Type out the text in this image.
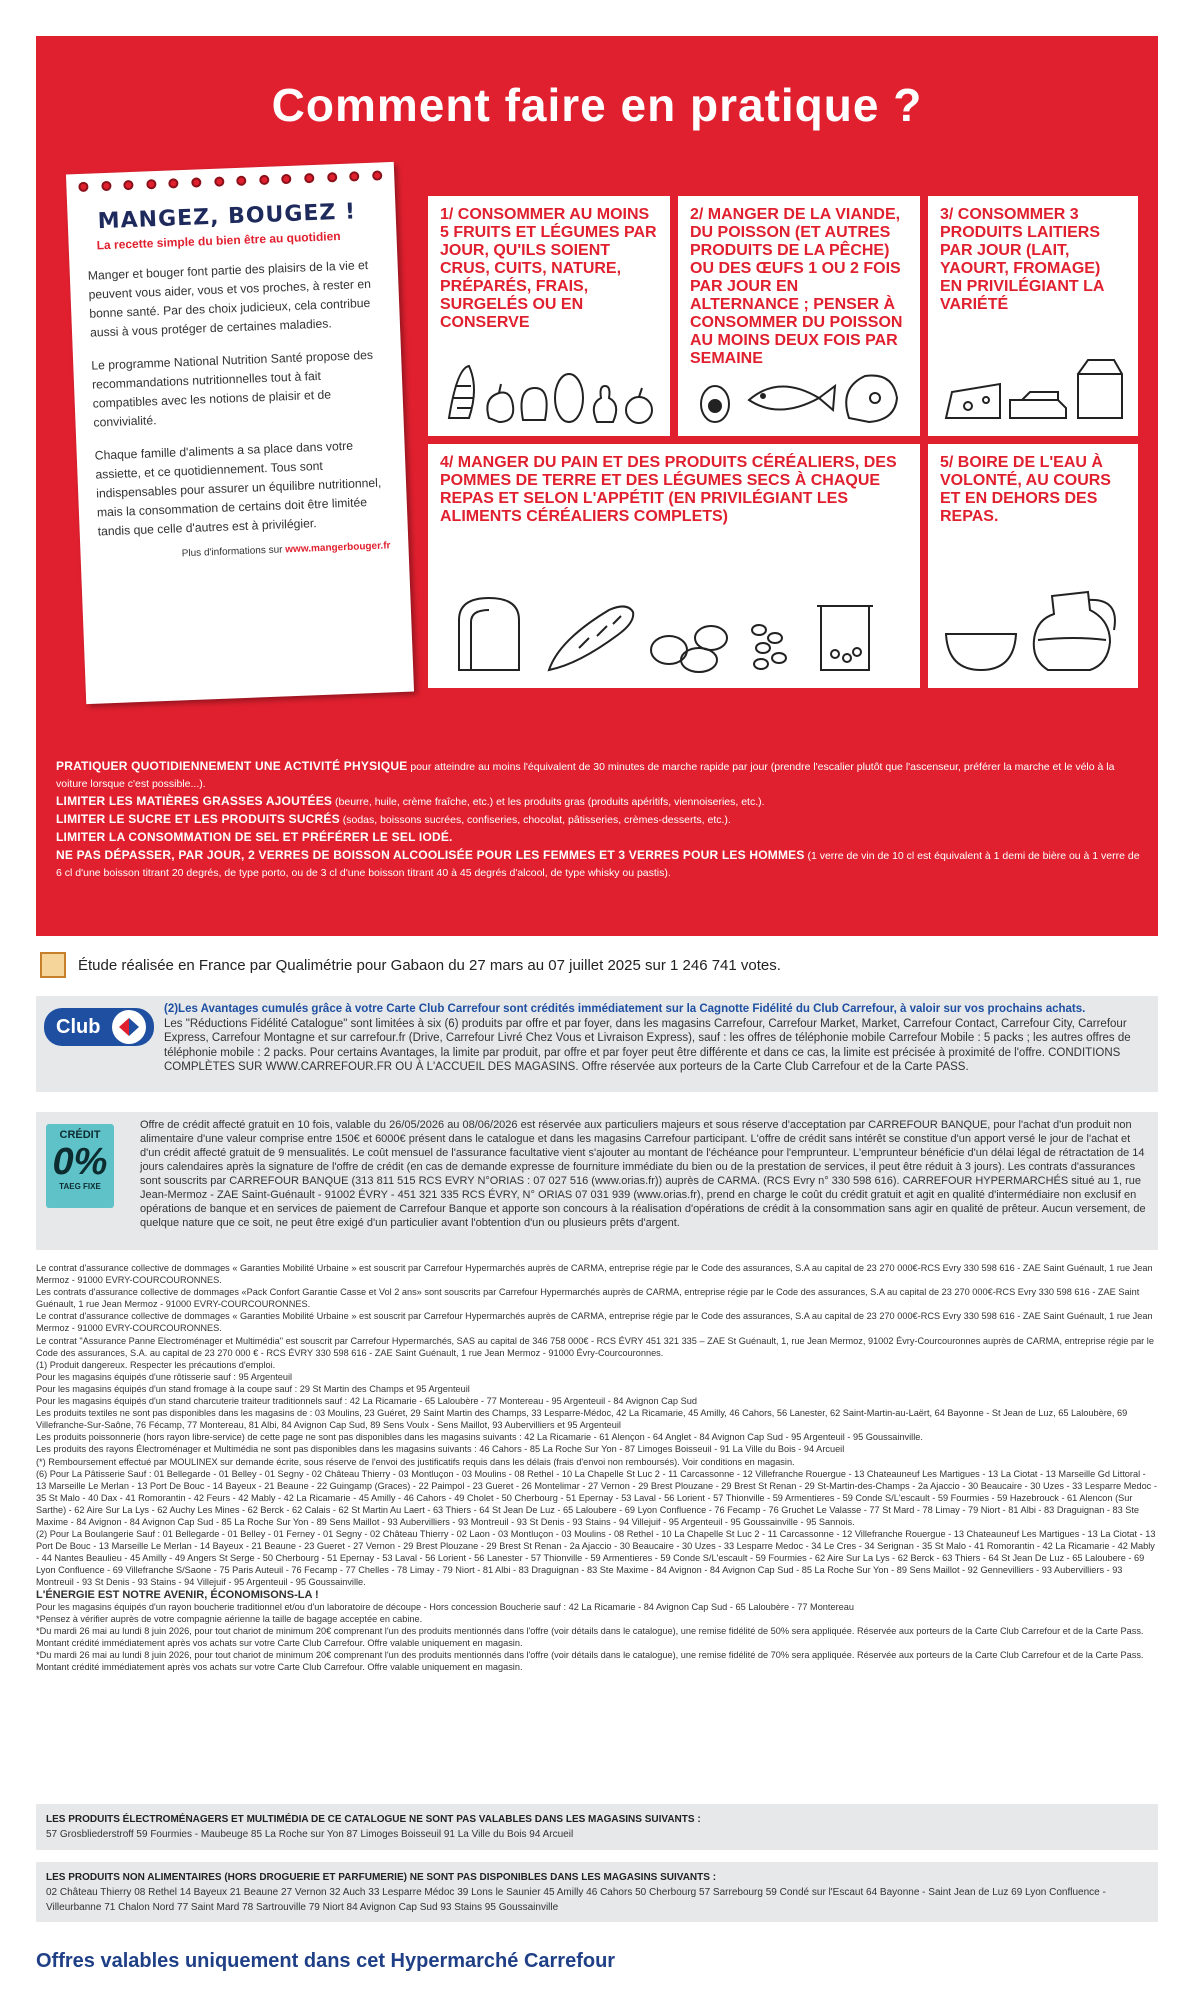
Comment faire en pratique ?
MANGEZ, BOUGEZ !
La recette simple du bien être au quotidien

Manger et bouger font partie des plaisirs de la vie et peuvent vous aider, vous et vos proches, à rester en bonne santé. Par des choix judicieux, cela contribue aussi à vous protéger de certaines maladies.

Le programme National Nutrition Santé propose des recommandations nutritionnelles tout à fait compatibles avec les notions de plaisir et de convivialité.

Chaque famille d'aliments a sa place dans votre assiette, et ce quotidiennement. Tous sont indispensables pour assurer un équilibre nutritionnel, mais la consommation de certains doit être limitée tandis que celle d'autres est à privilégier.

Plus d'informations sur www.mangerbouger.fr

1/ CONSOMMER AU MOINS 5 FRUITS ET LÉGUMES PAR JOUR, QU'ILS SOIENT CRUS, CUITS, NATURE, PRÉPARÉS, FRAIS, SURGELÉS OU EN CONSERVE
2/ MANGER DE LA VIANDE, DU POISSON (ET AUTRES PRODUITS DE LA PÊCHE) OU DES ŒUFS 1 OU 2 FOIS PAR JOUR EN ALTERNANCE ; PENSER À CONSOMMER DU POISSON AU MOINS DEUX FOIS PAR SEMAINE
3/ CONSOMMER 3 PRODUITS LAITIERS PAR JOUR (LAIT, YAOURT, FROMAGE) EN PRIVILÉGIANT LA VARIÉTÉ
4/ MANGER DU PAIN ET DES PRODUITS CÉRÉALIERS, DES POMMES DE TERRE ET DES LÉGUMES SECS À CHAQUE REPAS ET SELON L'APPÉTIT (EN PRIVILÉGIANT LES ALIMENTS CÉRÉALIERS COMPLETS)
5/ BOIRE DE L'EAU À VOLONTÉ, AU COURS ET EN DEHORS DES REPAS.

PRATIQUER QUOTIDIENNEMENT UNE ACTIVITÉ PHYSIQUE pour atteindre au moins l'équivalent de 30 minutes de marche rapide par jour (prendre l'escalier plutôt que l'ascenseur, préférer la marche et le vélo à la voiture lorsque c'est possible...).

LIMITER LES MATIÈRES GRASSES AJOUTÉES (beurre, huile, crème fraîche, etc.) et les produits gras (produits apéritifs, viennoiseries, etc.).

LIMITER LE SUCRE ET LES PRODUITS SUCRÉS (sodas, boissons sucrées, confiseries, chocolat, pâtisseries, crèmes-desserts, etc.).

LIMITER LA CONSOMMATION DE SEL ET PRÉFÉRER LE SEL IODÉ.

NE PAS DÉPASSER, PAR JOUR, 2 VERRES DE BOISSON ALCOOLISÉE POUR LES FEMMES ET 3 VERRES POUR LES HOMMES (1 verre de vin de 10 cl est équivalent à 1 demi de bière ou à 1 verre de 6 cl d'une boisson titrant 20 degrés, de type porto, ou de 3 cl d'une boisson titrant 40 à 45 degrés d'alcool, de type whisky ou pastis).

Étude réalisée en France par Qualimétrie pour Gabaon du 27 mars au 07 juillet 2025 sur 1 246 741 votes.
Club

(2)Les Avantages cumulés grâce à votre Carte Club Carrefour sont crédités immédiatement sur la Cagnotte Fidélité du Club Carrefour, à valoir sur vos prochains achats.

Les "Réductions Fidélité Catalogue" sont limitées à six (6) produits par offre et par foyer, dans les magasins Carrefour, Carrefour Market, Market, Carrefour Contact, Carrefour City, Carrefour Express, Carrefour Montagne et sur carrefour.fr (Drive, Carrefour Livré Chez Vous et Livraison Express), sauf : les offres de téléphonie mobile Carrefour Mobile : 5 packs ; les autres offres de téléphonie mobile : 2 packs. Pour certains Avantages, la limite par produit, par offre et par foyer peut être différente et dans ce cas, la limite est précisée à proximité de l'offre. CONDITIONS COMPLÈTES SUR WWW.CARREFOUR.FR OU À L'ACCUEIL DES MAGASINS. Offre réservée aux porteurs de la Carte Club Carrefour et de la Carte PASS.

CRÉDIT
0%
TAEG FIXE

Offre de crédit affecté gratuit en 10 fois, valable du 26/05/2026 au 08/06/2026 est réservée aux particuliers majeurs et sous réserve d'acceptation par CARREFOUR BANQUE, pour l'achat d'un produit non alimentaire d'une valeur comprise entre 150€ et 6000€ présent dans le catalogue et dans les magasins Carrefour participant. L'offre de crédit sans intérêt se constitue d'un apport versé le jour de l'achat et d'un crédit affecté gratuit de 9 mensualités. Le coût mensuel de l'assurance facultative vient s'ajouter au montant de l'échéance pour l'emprunteur. L'emprunteur bénéficie d'un délai légal de rétractation de 14 jours calendaires après la signature de l'offre de crédit (en cas de demande expresse de fourniture immédiate du bien ou de la prestation de services, il peut être réduit à 3 jours). Les contrats d'assurances sont souscrits par CARREFOUR BANQUE (313 811 515 RCS EVRY N°ORIAS : 07 027 516 (www.orias.fr)) auprès de CARMA. (RCS Evry n° 330 598 616). CARREFOUR HYPERMARCHÉS situé au 1, rue Jean-Mermoz - ZAE Saint-Guénault - 91002 ÉVRY - 451 321 335 RCS ÉVRY, N° ORIAS 07 031 939 (www.orias.fr), prend en charge le coût du crédit gratuit et agit en qualité d'intermédiaire non exclusif en opérations de banque et en services de paiement de Carrefour Banque et apporte son concours à la réalisation d'opérations de crédit à la consommation sans agir en qualité de prêteur. Aucun versement, de quelque nature que ce soit, ne peut être exigé d'un particulier avant l'obtention d'un ou plusieurs prêts d'argent.

Le contrat d'assurance collective de dommages « Garanties Mobilité Urbaine » est souscrit par Carrefour Hypermarchés auprès de CARMA, entreprise régie par le Code des assurances, S.A au capital de 23 270 000€-RCS Evry 330 598 616 - ZAE Saint Guénault, 1 rue Jean Mermoz - 91000 EVRY-COURCOURONNES.

Les contrats d'assurance collective de dommages «Pack Confort Garantie Casse et Vol 2 ans» sont souscrits par Carrefour Hypermarchés auprès de CARMA, entreprise régie par le Code des assurances, S.A au capital de 23 270 000€-RCS Evry 330 598 616 - ZAE Saint Guénault, 1 rue Jean Mermoz - 91000 EVRY-COURCOURONNES.

Le contrat d'assurance collective de dommages « Garanties Mobilité Urbaine » est souscrit par Carrefour Hypermarchés auprès de CARMA, entreprise régie par le Code des assurances, S.A au capital de 23 270 000€-RCS Evry 330 598 616 - ZAE Saint Guénault, 1 rue Jean Mermoz - 91000 EVRY-COURCOURONNES.

Le contrat "Assurance Panne Electroménager et Multimédia" est souscrit par Carrefour Hypermarchés, SAS au capital de 346 758 000€ - RCS ÉVRY 451 321 335 – ZAE St Guénault, 1, rue Jean Mermoz, 91002 Évry-Courcouronnes auprès de CARMA, entreprise régie par le Code des assurances, S.A. au capital de 23 270 000 € - RCS ÉVRY 330 598 616 - ZAE Saint Guénault, 1 rue Jean Mermoz - 91000 Évry-Courcouronnes.

(1) Produit dangereux. Respecter les précautions d'emploi.

Pour les magasins équipés d'une rôtisserie sauf : 95 Argenteuil

Pour les magasins équipés d'un stand fromage à la coupe sauf : 29 St Martin des Champs et 95 Argenteuil

Pour les magasins équipés d'un stand charcuterie traiteur traditionnels sauf : 42 La Ricamarie - 65 Laloubère - 77 Montereau - 95 Argenteuil - 84 Avignon Cap Sud

Les produits textiles ne sont pas disponibles dans les magasins de : 03 Moulins, 23 Guéret, 29 Saint Martin des Champs, 33 Lesparre-Médoc, 42 La Ricamarie, 45 Amilly, 46 Cahors, 56 Lanester, 62 Saint-Martin-au-Laërt, 64 Bayonne - St Jean de Luz, 65 Laloubère, 69 Villefranche-Sur-Saône, 76 Fécamp, 77 Montereau, 81 Albi, 84 Avignon Cap Sud, 89 Sens Voulx - Sens Maillot, 93 Aubervilliers et 95 Argenteuil

Les produits poissonnerie (hors rayon libre-service) de cette page ne sont pas disponibles dans les magasins suivants : 42 La Ricamarie - 61 Alençon - 64 Anglet - 84 Avignon Cap Sud - 95 Argenteuil - 95 Goussainville.

Les produits des rayons Électroménager et Multimédia ne sont pas disponibles dans les magasins suivants : 46 Cahors - 85 La Roche Sur Yon - 87 Limoges Boisseuil - 91 La Ville du Bois - 94 Arcueil

(*) Remboursement effectué par MOULINEX sur demande écrite, sous réserve de l'envoi des justificatifs requis dans les délais (frais d'envoi non remboursés). Voir conditions en magasin.

(6) Pour La Pâtisserie Sauf : 01 Bellegarde - 01 Belley - 01 Segny - 02 Château Thierry - 03 Montluçon - 03 Moulins - 08 Rethel - 10 La Chapelle St Luc 2 - 11 Carcassonne - 12 Villefranche Rouergue - 13 Chateauneuf Les Martigues - 13 La Ciotat - 13 Marseille Gd Littoral - 13 Marseille Le Merlan - 13 Port De Bouc - 14 Bayeux - 21 Beaune - 22 Guingamp (Graces) - 22 Paimpol - 23 Gueret - 26 Montelimar - 27 Vernon - 29 Brest Plouzane - 29 Brest St Renan - 29 St-Martin-des-Champs - 2a Ajaccio - 30 Beaucaire - 30 Uzes - 33 Lesparre Medoc - 35 St Malo - 40 Dax - 41 Romorantin - 42 Feurs - 42 Mably - 42 La Ricamarie - 45 Amilly - 46 Cahors - 49 Cholet - 50 Cherbourg - 51 Epernay - 53 Laval - 56 Lorient - 57 Thionville - 59 Armentieres - 59 Conde S/L'escault - 59 Fourmies - 59 Hazebrouck - 61 Alencon (Sur Sarthe) - 62 Aire Sur La Lys - 62 Auchy Les Mines - 62 Berck - 62 Calais - 62 St Martin Au Laert - 63 Thiers - 64 St Jean De Luz - 65 Laloubere - 69 Lyon Confluence - 76 Fecamp - 76 Gruchet Le Valasse - 77 St Mard - 78 Limay - 79 Niort - 81 Albi - 83 Draguignan - 83 Ste Maxime - 84 Avignon - 84 Avignon Cap Sud - 85 La Roche Sur Yon - 89 Sens Maillot - 93 Aubervilliers - 93 Montreuil - 93 St Denis - 93 Stains - 94 Villejuif - 95 Argenteuil - 95 Goussainville - 95 Sannois.

(2) Pour La Boulangerie Sauf : 01 Bellegarde - 01 Belley - 01 Ferney - 01 Segny - 02 Château Thierry - 02 Laon - 03 Montluçon - 03 Moulins - 08 Rethel - 10 La Chapelle St Luc 2 - 11 Carcassonne - 12 Villefranche Rouergue - 13 Chateauneuf Les Martigues - 13 La Ciotat - 13 Port De Bouc - 13 Marseille Le Merlan - 14 Bayeux - 21 Beaune - 23 Gueret - 27 Vernon - 29 Brest Plouzane - 29 Brest St Renan - 2a Ajaccio - 30 Beaucaire - 30 Uzes - 33 Lesparre Medoc - 34 Le Cres - 34 Serignan - 35 St Malo - 41 Romorantin - 42 La Ricamarie - 42 Mably - 44 Nantes Beaulieu - 45 Amilly - 49 Angers St Serge - 50 Cherbourg - 51 Epernay - 53 Laval - 56 Lorient - 56 Lanester - 57 Thionville - 59 Armentieres - 59 Conde S/L'escault - 59 Fourmies - 62 Aire Sur La Lys - 62 Berck - 63 Thiers - 64 St Jean De Luz - 65 Laloubere - 69 Lyon Confluence - 69 Villefranche S/Saone - 75 Paris Auteuil - 76 Fecamp - 77 Chelles - 78 Limay - 79 Niort - 81 Albi - 83 Draguignan - 83 Ste Maxime - 84 Avignon - 84 Avignon Cap Sud - 85 La Roche Sur Yon - 89 Sens Maillot - 92 Gennevilliers - 93 Aubervilliers - 93 Montreuil - 93 St Denis - 93 Stains - 94 Villejuif - 95 Argenteuil - 95 Goussainville.

L'ÉNERGIE EST NOTRE AVENIR, ÉCONOMISONS-LA !

Pour les magasins équipés d'un rayon boucherie traditionnel et/ou d'un laboratoire de découpe - Hors concession Boucherie sauf : 42 La Ricamarie - 84 Avignon Cap Sud - 65 Laloubère - 77 Montereau

*Pensez à vérifier auprès de votre compagnie aérienne la taille de bagage acceptée en cabine.

*Du mardi 26 mai au lundi 8 juin 2026, pour tout chariot de minimum 20€ comprenant l'un des produits mentionnés dans l'offre (voir détails dans le catalogue), une remise fidélité de 50% sera appliquée. Réservée aux porteurs de la Carte Club Carrefour et de la Carte Pass. Montant crédité immédiatement après vos achats sur votre Carte Club Carrefour. Offre valable uniquement en magasin.

*Du mardi 26 mai au lundi 8 juin 2026, pour tout chariot de minimum 20€ comprenant l'un des produits mentionnés dans l'offre (voir détails dans le catalogue), une remise fidélité de 70% sera appliquée. Réservée aux porteurs de la Carte Club Carrefour et de la Carte Pass. Montant crédité immédiatement après vos achats sur votre Carte Club Carrefour. Offre valable uniquement en magasin.

LES PRODUITS ÉLECTROMÉNAGERS ET MULTIMÉDIA DE CE CATALOGUE NE SONT PAS VALABLES DANS LES MAGASINS SUIVANTS :

57 Grosbliederstroff 59 Fourmies - Maubeuge 85 La Roche sur Yon 87 Limoges Boisseuil 91 La Ville du Bois 94 Arcueil

LES PRODUITS NON ALIMENTAIRES (HORS DROGUERIE ET PARFUMERIE) NE SONT PAS DISPONIBLES DANS LES MAGASINS SUIVANTS :

02 Château Thierry 08 Rethel 14 Bayeux 21 Beaune 27 Vernon 32 Auch 33 Lesparre Médoc 39 Lons le Saunier 45 Amilly 46 Cahors 50 Cherbourg 57 Sarrebourg 59 Condé sur l'Escaut 64 Bayonne - Saint Jean de Luz 69 Lyon Confluence - Villeurbanne 71 Chalon Nord 77 Saint Mard 78 Sartrouville 79 Niort 84 Avignon Cap Sud 93 Stains 95 Goussainville

Offres valables uniquement dans cet Hypermarché Carrefour
